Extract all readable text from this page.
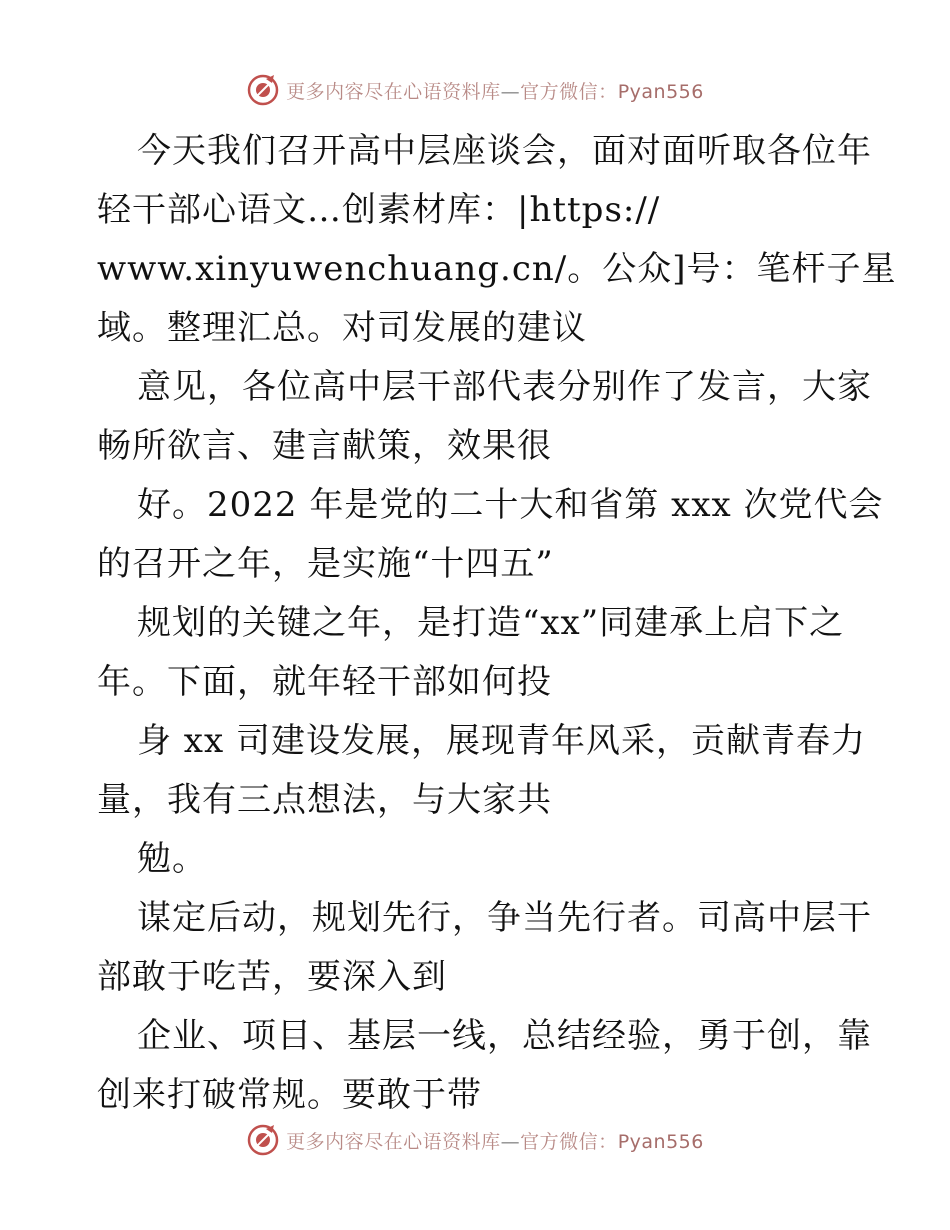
更多内容尽在心语资料库—官方微信：Pyan556
今天我们召开高中层座谈会，面对面听取各位年
轻干部心语文…创素材库：|https://
www.xinyuwenchuang.cn/。公众]号：笔杆子星
域。整理汇总。对司发展的建议
意见，各位高中层干部代表分别作了发言，大家
畅所欲言、建言献策，效果很
好。2022 年是党的二十大和省第 xxx 次党代会
的召开之年，是实施“十四五”
规划的关键之年，是打造“xx”同建承上启下之
年。下面，就年轻干部如何投
身 xx 司建设发展，展现青年风采，贡献青春力
量，我有三点想法，与大家共
勉。
谋定后动，规划先行，争当先行者。司高中层干
部敢于吃苦，要深入到
企业、项目、基层一线，总结经验，勇于创，靠
创来打破常规。要敢于带
更多内容尽在心语资料库—官方微信：Pyan556
